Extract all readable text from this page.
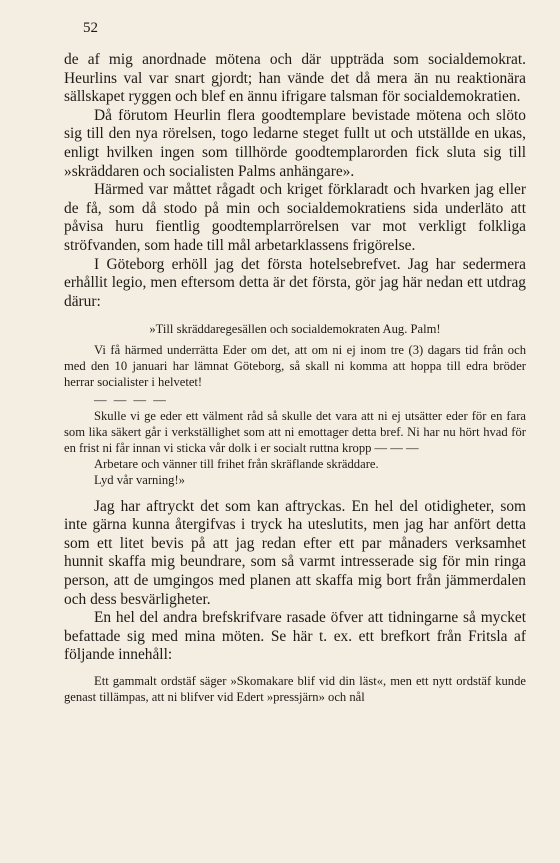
52

de af mig anordnade mötena och där uppträda som socialdemokrat. Heurlins val var snart gjordt; han vände det då mera än nu reaktionära sällskapet ryggen och blef en ännu ifrigare talsman för socialdemokratien.

Då förutom Heurlin flera goodtemplare bevistade mötena och slöto sig till den nya rörelsen, togo ledarne steget fullt ut och utställde en ukas, enligt hvilken ingen som tillhörde goodtemplarorden fick sluta sig till »skräddaren och socialisten Palms anhängare».

Härmed var måttet rågadt och kriget förklaradt och hvarken jag eller de få, som då stodo på min och socialdemokratiens sida underläto att påvisa huru fientlig goodtemplarrörelsen var mot verkligt folkliga ströfvanden, som hade till mål arbetarklassens frigörelse.

I Göteborg erhöll jag det första hotelsebrefvet. Jag har sedermera erhållit legio, men eftersom detta är det första, gör jag här nedan ett utdrag därur:

»Till skräddaregesällen och socialdemokraten Aug. Palm!

Vi få härmed underrätta Eder om det, att om ni ej inom tre (3) dagars tid från och med den 10 januari har lämnat Göteborg, så skall ni komma att hoppa till edra bröder herrar socialister i helvetet!

— — — —

Skulle vi ge eder ett välment råd så skulle det vara att ni ej utsätter eder för en fara som lika säkert går i verkställighet som att ni emottager detta bref. Ni har nu hört hvad för en frist ni får innan vi sticka vår dolk i er socialt ruttna kropp — — —

Arbetare och vänner till frihet från skräflande skräddare.

Lyd vår varning!»

Jag har aftryckt det som kan aftryckas. En hel del otidigheter, som inte gärna kunna återgifvas i tryck ha uteslutits, men jag har anfört detta som ett litet bevis på att jag redan efter ett par månaders verksamhet hunnit skaffa mig beundrare, som så varmt intresserade sig för min ringa person, att de umgingos med planen att skaffa mig bort från jämmerdalen och dess besvärligheter.

En hel del andra brefskrifvare rasade öfver att tidningarne så mycket befattade sig med mina möten. Se här t. ex. ett brefkort från Fritsla af följande innehåll:

Ett gammalt ordstäf säger »Skomakare blif vid din läst«, men ett nytt ordstäf kunde genast tillämpas, att ni blifver vid Edert »pressjärn» och nål
